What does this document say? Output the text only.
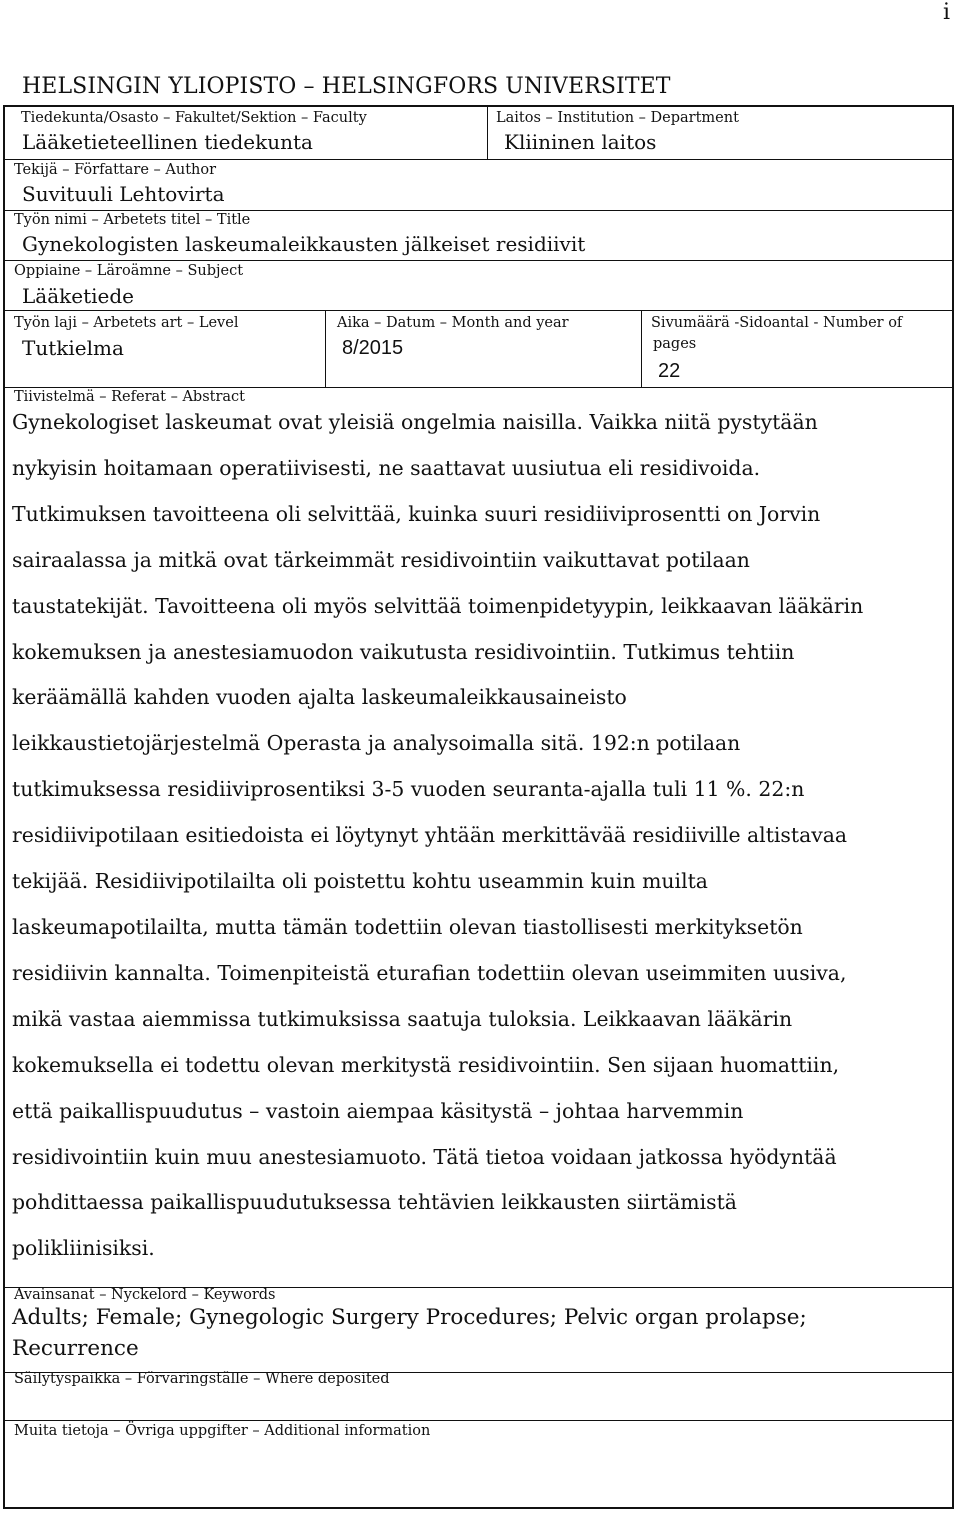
i
HELSINGIN YLIOPISTO – HELSINGFORS UNIVERSITET
Tiedekunta/Osasto – Fakultet/Sektion – Faculty
Lääketieteellinen tiedekunta
Laitos – Institution – Department
Kliininen laitos
Tekijä – Författare – Author
Suvituuli Lehtovirta
Työn nimi – Arbetets titel – Title
Gynekologisten laskeumaleikkausten jälkeiset residiivit
Oppiaine – Läroämne – Subject
Lääketiede
Työn laji – Arbetets art – Level
Tutkielma
Aika – Datum – Month and year
8/2015
Sivumäärä -Sidoantal - Number of
pages
22
Tiivistelmä – Referat – Abstract
Gynekologiset laskeumat ovat yleisiä ongelmia naisilla. Vaikka niitä pystytään
nykyisin hoitamaan operatiivisesti, ne saattavat uusiutua eli residivoida.
Tutkimuksen tavoitteena oli selvittää, kuinka suuri residiiviprosentti on Jorvin
sairaalassa ja mitkä ovat tärkeimmät residivointiin vaikuttavat potilaan
taustatekijät. Tavoitteena oli myös selvittää toimenpidetyypin, leikkaavan lääkärin
kokemuksen ja anestesiamuodon vaikutusta residivointiin. Tutkimus tehtiin
keräämällä kahden vuoden ajalta laskeumaleikkausaineisto
leikkaustietojärjestelmä Operasta ja analysoimalla sitä. 192:n potilaan
tutkimuksessa residiiviprosentiksi 3-5 vuoden seuranta-ajalla tuli 11 %. 22:n
residiivipotilaan esitiedoista ei löytynyt yhtään merkittävää residiiville altistavaa
tekijää. Residiivipotilailta oli poistettu kohtu useammin kuin muilta
laskeumapotilailta, mutta tämän todettiin olevan tiastollisesti merkityksetön
residiivin kannalta. Toimenpiteistä eturafian todettiin olevan useimmiten uusiva,
mikä vastaa aiemmissa tutkimuksissa saatuja tuloksia. Leikkaavan lääkärin
kokemuksella ei todettu olevan merkitystä residivointiin. Sen sijaan huomattiin,
että paikallispuudutus – vastoin aiempaa käsitystä – johtaa harvemmin
residivointiin kuin muu anestesiamuoto. Tätä tietoa voidaan jatkossa hyödyntää
pohdittaessa paikallispuudutuksessa tehtävien leikkausten siirtämistä
polikliinisiksi.
Avainsanat – Nyckelord – Keywords
Adults; Female; Gynegologic Surgery Procedures; Pelvic organ prolapse;
Recurrence
Säilytyspaikka – Förvaringställe – Where deposited
Muita tietoja – Övriga uppgifter – Additional information
